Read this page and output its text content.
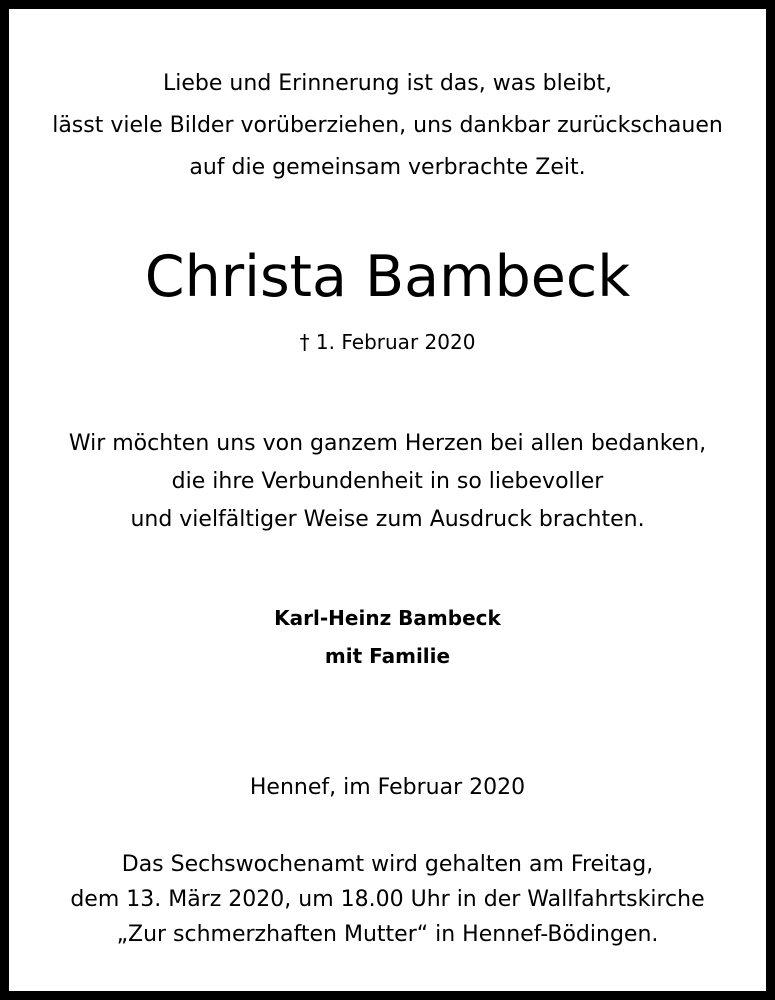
Liebe und Erinnerung ist das, was bleibt,
lässt viele Bilder vorüberziehen, uns dankbar zurückschauen
auf die gemeinsam verbrachte Zeit.
Christa Bambeck
† 1. Februar 2020
Wir möchten uns von ganzem Herzen bei allen bedanken,
die ihre Verbundenheit in so liebevoller
und vielfältiger Weise zum Ausdruck brachten.
Karl-Heinz Bambeck
mit Familie
Hennef, im Februar 2020
Das Sechswochenamt wird gehalten am Freitag,
dem 13. März 2020, um 18.00 Uhr in der Wallfahrtskirche
„Zur schmerzhaften Mutter“ in Hennef-Bödingen.
